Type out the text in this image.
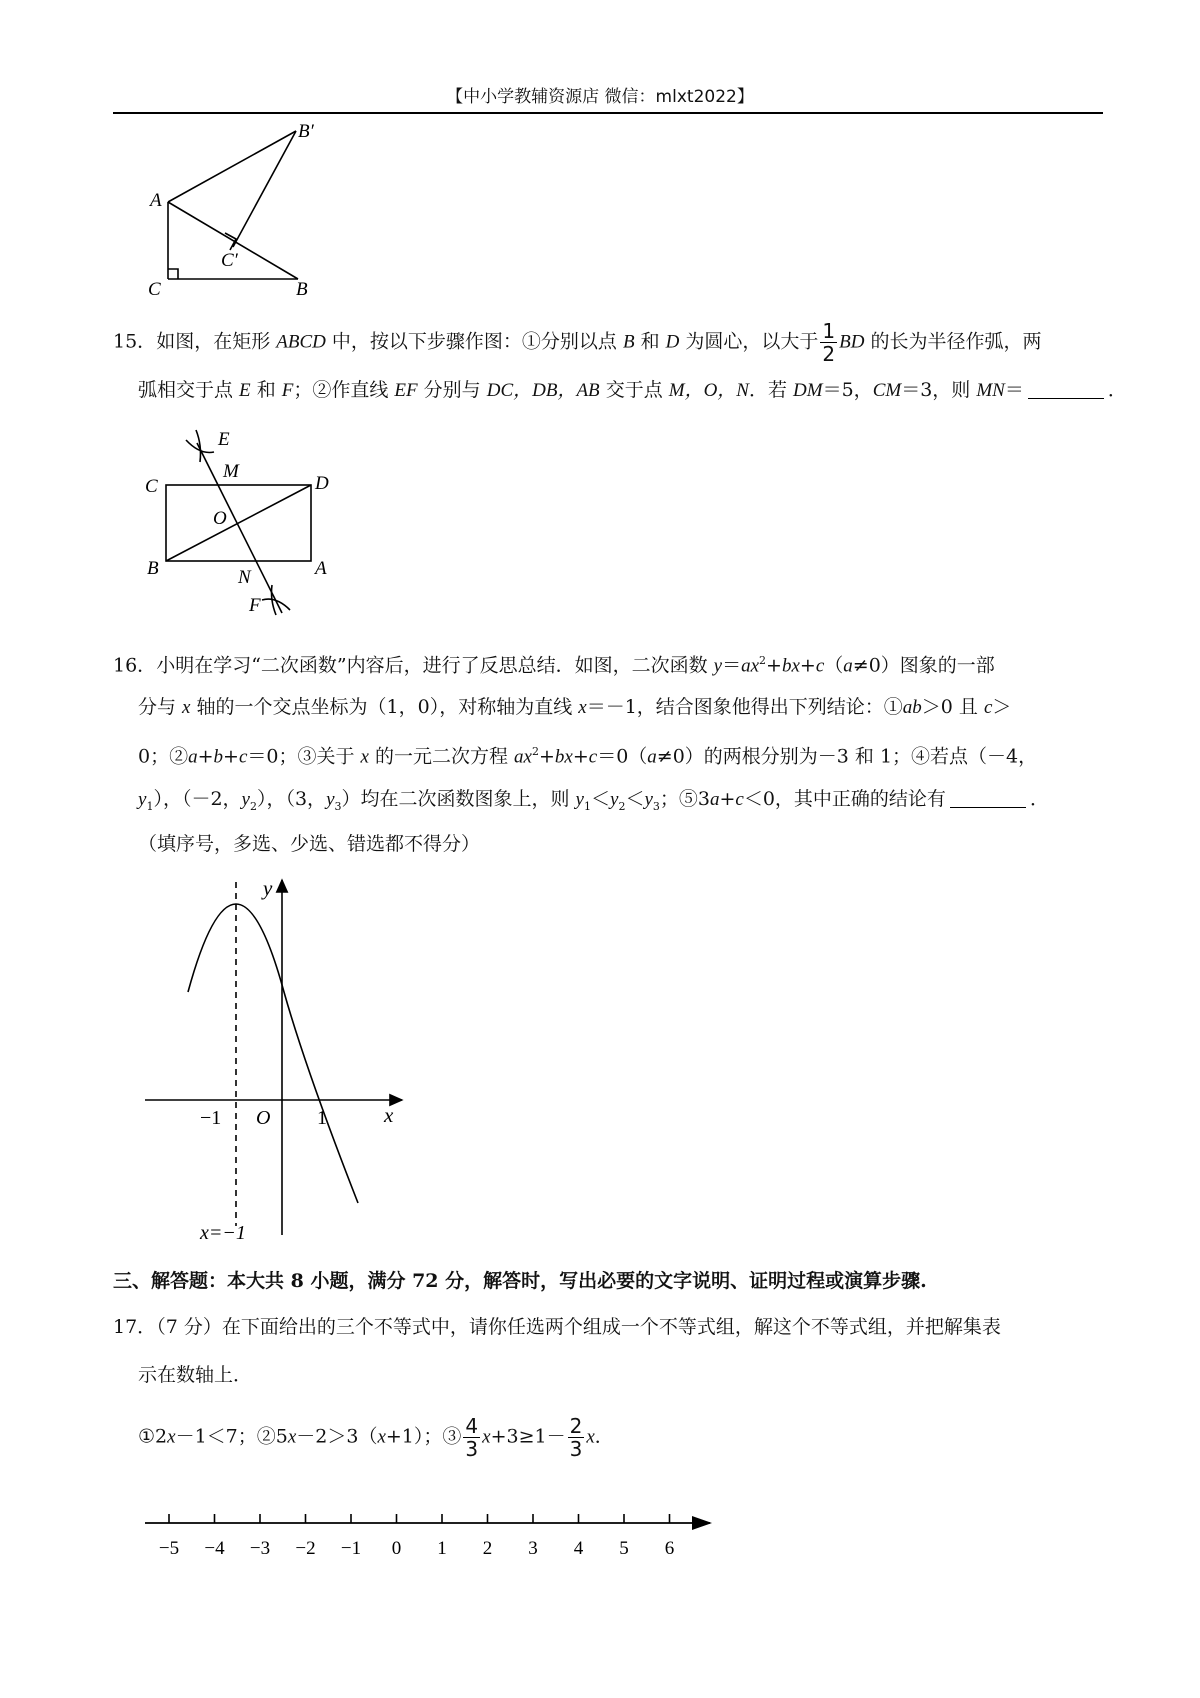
【中小学教辅资源店 微信：mlxt2022】
B′
A
C′
C	B
15．如图，在矩形 ABCD 中，按以下步骤作图：①分别以点 B 和 D 为圆心，以大于 $\frac{1}{2}$ BD 的长为半径作弧，两
弧相交于点 E 和 F；②作直线 EF 分别与 DC，DB，AB 交于点 M，O，N．若 DM＝5，CM＝3，则 MN＝	．
E
M
C	D
O
B	N	A
F
16．小明在学习“二次函数”内容后，进行了反思总结．如图，二次函数 $y=ax^2+bx+c(a\ne 0)$图象的一部
分与 x 轴的一个交点坐标为（1，0），对称轴为直线 x＝－1，结合图象他得出下列结论：①ab＞0 且 c＞
0；②a+b+c＝0；③关于 x 的一元二次方程 $ax^2+bx+c=0(a\ne 0)$的两根分别为－3 和 1；④若点（－4，
$y_1$），（－2，$y_2$），（3，$y_3$）均在二次函数图象上，则 $y_1<y_2<y_3$；⑤3a+c＜0，其中正确的结论有	．
（填序号，多选、少选、错选都不得分）
y
x
O
−1	1
x=−1
三、解答题：本大共 8 小题，满分 72 分，解答时，写出必要的文字说明、证明过程或演算步骤.
17．（7 分）在下面给出的三个不等式中，请你任选两个组成一个不等式组，解这个不等式组，并把解集表
示在数轴上．
①2x－1＜7；②5x－2＞3（x+1）；③ $\frac{4}{3} x+3\ge 1- \frac{2}{3}$ x．
−5 −4 −3 −2 −1 0 1 2 3 4 5 6
